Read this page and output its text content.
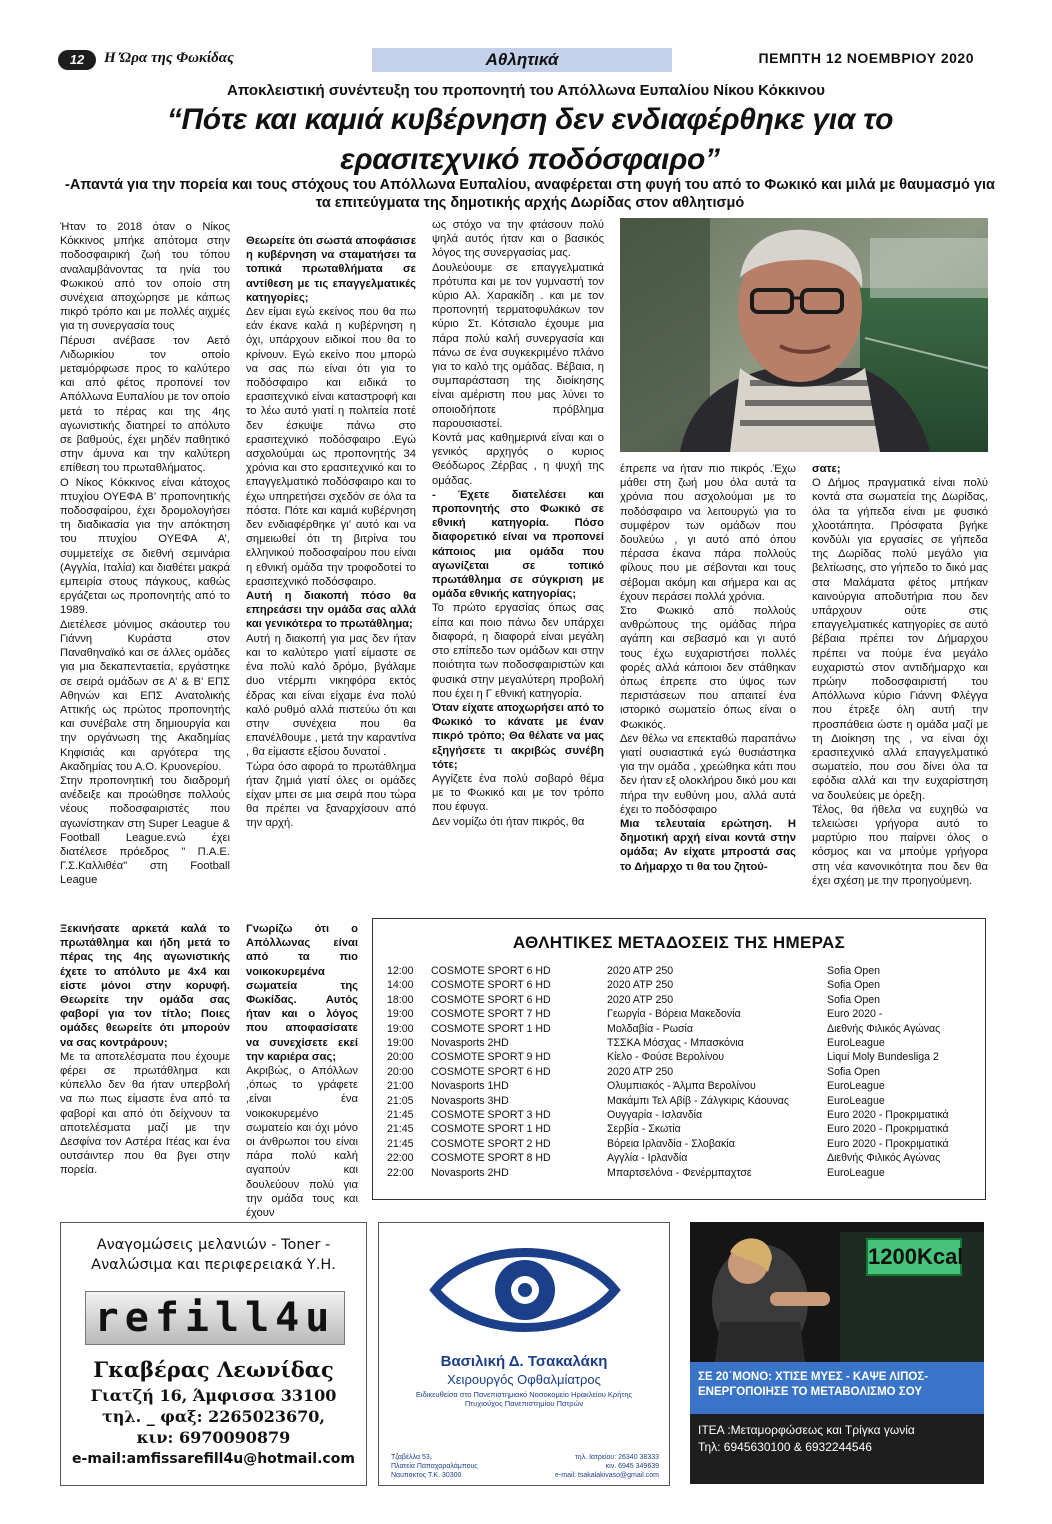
12	Η Ώρα της Φωκίδας	Αθλητικά	ΠΕΜΠΤΗ 12 ΝΟΕΜΒΡΙΟΥ 2020
Αποκλειστική συνέντευξη του προπονητή του Απόλλωνα Ευπαλίου Νίκου Κόκκινου
“Πότε και καμιά κυβέρνηση δεν ενδιαφέρθηκε για το
ερασιτεχνικό ποδόσφαιρο”
-Απαντά για την πορεία και τους στόχους του Απόλλωνα Ευπαλίου, αναφέρεται στη φυγή του από το Φωκικό και μιλά με θαυμασμό για τα επιτεύγματα της δημοτικής αρχής Δωρίδας στον αθλητισμό

Ήταν το 2018 όταν ο Νίκος Κόκκινος μπήκε απότομα στην ποδοσφαιρική ζωή του τόπου αναλαμβάνοντας τα ηνία του Φωκικού από τον οποίο στη συνέχεια αποχώρησε με κάπως πικρό τρόπο και με πολλές αιχμές για τη συνεργασία τους

Πέρυσι ανέβασε τον Αετό Λιδωρικίου τον οποίο μεταμόρφωσε προς το καλύτερο και από φέτος προπονεί τον Απόλλωνα Ευπαλίου με τον οποίο μετά το πέρας και της 4ης αγωνιστικής διατηρεί το απόλυτο σε βαθμούς, έχει μηδέν παθητικό στην άμυνα και την καλύτερη επίθεση του πρωταθλήματος.

Ο Νίκος Κόκκινος είναι κάτοχος πτυχίου ΟΥΕΦΑ Β’ προπονητικής ποδοσφαίρου, έχει δρομολογήσει τη διαδικασία για την απόκτηση του πτυχίου ΟΥΕΦΑ Α’, συμμετείχε σε διεθνή σεμινάρια (Αγγλία, Ιταλία) και διαθέτει μακρά εμπειρία στους πάγκους, καθώς εργάζεται ως προπονητής από το 1989.

Διετέλεσε μόνιμος σκάουτερ του Γιάννη Κυράστα στον Παναθηναϊκό και σε άλλες ομάδες για μια δεκαπενταετία, εργάστηκε σε σειρά ομάδων σε Α’ & Β’ ΕΠΣ Αθηνών και ΕΠΣ Ανατολικής Αττικής ως πρώτος προπονητής και συνέβαλε στη δημιουργία και την οργάνωση της Ακαδημίας Κηφισιάς και αργότερα της Ακαδημίας του Α.Ο. Κρυονερίου.

Στην προπονητική του διαδρομή ανέδειξε και προώθησε πολλούς νέους ποδοσφαιριστές που αγωνίστηκαν στη Super League & Football League.ενώ έχει διατέλεσε πρόεδρος " Π.Α.Ε. Γ.Σ.Καλλιθέα" στη Football League

Ξεκινήσατε αρκετά καλά το πρωτάθλημα και ήδη μετά το πέρας της 4ης αγωνιστικής έχετε το απόλυτο με 4x4 και είστε μόνοι στην κορυφή. Θεωρείτε την ομάδα σας φαβορί για τον τίτλο; Ποιες ομάδες θεωρείτε ότι μπορούν να σας κοντράρουν;

Με τα αποτελέσματα που έχουμε φέρει σε πρωτάθλημα και κύπελλο δεν θα ήταν υπερβολή να πω πως είμαστε ένα από τα φαβορί και από ότι δείχνουν τα αποτελέσματα μαζί με την Δεσφίνα τον Αστέρα Ιτέας και ένα ουτσάιντερ που θα βγει στην πορεία.

Θεωρείτε ότι σωστά αποφάσισε η κυβέρνηση να σταματήσει τα τοπικά πρωταθλήματα σε αντίθεση με τις επαγγελματικές κατηγορίες;

Δεν είμαι εγώ εκείνος που θα πω εάν έκανε καλά η κυβέρνηση η όχι, υπάρχουν ειδικοί που θα το κρίνουν. Εγώ εκείνο που μπορώ να σας πω είναι ότι για το ποδόσφαιρο και ειδικά το ερασιτεχνικό είναι καταστροφή και το λέω αυτό γιατί η πολιτεία ποτέ δεν έσκυψε πάνω στο ερασιτεχνικό ποδόσφαιρο .Εγώ ασχολούμαι ως προπονητής 34 χρόνια και στο ερασιτεχνικό και το επαγγελματικό ποδόσφαιρο και το έχω υπηρετήσει σχεδόν σε όλα τα πόστα. Πότε και καμιά κυβέρνηση δεν ενδιαφέρθηκε γι’ αυτό και να σημειωθεί ότι τη βιτρίνα του ελληνικού ποδοσφαίρου που είναι η εθνική ομάδα την τροφοδοτεί το ερασιτεχνικό ποδόσφαιρο.

Αυτή η διακοπή πόσο θα επηρεάσει την ομάδα σας αλλά και γενικότερα το πρωτάθλημα;

Αυτή η διακοπή για μας δεν ήταν και το καλύτερο γιατί είμαστε σε ένα πολύ καλό δρόμο, βγάλαμε dυο ντέρμπι νικηφόρα εκτός έδρας και είναι είχαμε ένα πολύ καλό ρυθμό αλλά πιστεύω ότι και στην συνέχεια που θα επανέλθουμε , μετά την καραντίνα , θα είμαστε εξίσου δυνατοί .

Τώρα όσο αφορά το πρωτάθλημα ήταν ζημιά γιατί όλες οι ομάδες είχαν μπει σε μια σειρά που τώρα θα πρέπει να ξαναρχίσουν από την αρχή.

Γνωρίζω ότι ο Απόλλωνας είναι από τα πιο νοικοκυρεμένα σωματεία της Φωκίδας. Αυτός ήταν και ο λόγος που αποφασίσατε να συνεχίσετε εκεί την καριέρα σας;

Ακριβώς, ο Απόλλων ,όπως το γράφετε ,είναι ένα νοικοκυρεμένο σωματείο και όχι μόνο οι άνθρωποι του είναι πάρα πολύ καλή αγαπούν και δουλεύουν πολύ για την ομάδα τους και έχουν

ως στόχο να την φτάσουν πολύ ψηλά αυτός ήταν και ο βασικός λόγος της συνεργασίας μας.

Δουλεύουμε σε επαγγελματικά πρότυπα και με τον γυμναστή τον κύριο Αλ. Χαρακίδη . και με τον προπονητή τερματοφυλάκων τον κύριο Στ. Κότσιαλο έχουμε μια πάρα πολύ καλή συνεργασία και πάνω σε ένα συγκεκριμένο πλάνο για το καλό της ομάδας. Βέβαια, η συμπαράσταση της διοίκησης είναι αμέριστη που μας λύνει το οποιοδήποτε πρόβλημα παρουσιαστεί.

Κοντά μας καθημερινά είναι και ο γενικός αρχηγός ο κυριος Θεόδωρος Ζέρβας , η ψυχή της ομάδας.

- Έχετε διατελέσει και προπονητής στο Φωκικό σε εθνική κατηγορία. Πόσο διαφορετικό είναι να προπονεί κάποιος μια ομάδα που αγωνίζεται σε τοπικό πρωτάθλημα σε σύγκριση με ομάδα εθνικής κατηγορίας;

Το πρώτο εργασίας όπως σας είπα και ποιο πάνω δεν υπάρχει διαφορά, η διαφορά είναι μεγάλη στο επίπεδο των ομάδων και στην ποιότητα των ποδοσφαιριστών και φυσικά στην μεγαλύτερη προβολή που έχει η Γ εθνική κατηγορία.

Όταν είχατε αποχωρήσει από το Φωκικό το κάνατε με έναν πικρό τρόπο; Θα θέλατε να μας εξηγήσετε τι ακριβώς συνέβη τότε;

Αγγίζετε ένα πολύ σοβαρό θέμα με το Φωκικό και με τον τρόπο που έφυγα.

Δεν νομίζω ότι ήταν πικρός, θα

έπρεπε να ήταν πιο πικρός .Έχω μάθει στη ζωή μου όλα αυτά τα χρόνια που ασχολούμαι με το ποδόσφαιρο να λειτουργώ για το συμφέρον των ομάδων που δουλεύω , γι αυτό από όπου πέρασα έκανα πάρα πολλούς φίλους που με σέβονται και τους σέβομαι ακόμη και σήμερα και ας έχουν περάσει πολλά χρόνια.

Στο Φωκικό από πολλούς ανθρώπους της ομάδας πήρα αγάπη και σεβασμό και γι αυτό τους έχω ευχαριστήσει πολλές φορές αλλά κάποιοι δεν στάθηκαν όπως έπρεπε στο ύψος των περιστάσεων που απαιτεί ένα ιστορικό σωματείο όπως είναι ο Φωκικός.

Δεν θέλω να επεκταθώ παραπάνω γιατί ουσιαστικά εγώ θυσιάστηκα για την ομάδα , χρεώθηκα κάτι που δεν ήταν εξ ολοκλήρου δικό μου και πήρα την ευθύνη μου, αλλά αυτά έχει το ποδόσφαιρο

Μια τελευταία ερώτηση. Η δημοτική αρχή είναι κοντά στην ομάδα; Αν είχατε μπροστά σας το Δήμαρχο τι θα του ζητού-

σατε;

Ο Δήμος πραγματικά είναι πολύ κοντά στα σωματεία της Δωρίδας, όλα τα γήπεδα είναι με φυσικό χλοοτάπητα. Πρόσφατα βγήκε κονδύλι για εργασίες σε γήπεδα της Δωρίδας πολύ μεγάλο για βελτίωσης, στο γήπεδο το δικό μας στα Μαλάματα φέτος μπήκαν καινούργια αποδυτήρια που δεν υπάρχουν ούτε στις επαγγελματικές κατηγορίες σε αυτό βέβαια πρέπει τον Δήμαρχου πρέπει να πούμε ένα μεγάλο ευχαριστώ στον αντιδήμαρχο και πρώην ποδοσφαιριστή του Απόλλωνα κύριο Γιάννη Φλέγγα που έτρεξε όλη αυτή την προσπάθεια ώστε η ομάδα μαζί με τη Διοίκηση της , να είναι όχι ερασιτεχνικό αλλά επαγγελματικό σωματείο, που σου δίνει όλα τα εφόδια αλλά και την ευχαρίστηση να δουλεύεις με όρεξη.

Τέλος, θα ήθελα να ευχηθώ να τελειώσει γρήγορα αυτό το μαρτύριο που παίρνει όλος ο κόσμος και να μπούμε γρήγορα στη νέα κανονικότητα που δεν θα έχει σχέση με την προηγούμενη.

ΑΘΛΗΤΙΚΕΣ ΜΕΤΑΔΟΣΕΙΣ ΤΗΣ ΗΜΕΡΑΣ
12:00 COSMOTE SPORT 6 HD	2020 ATP 250	Sofia Open
14:00 COSMOTE SPORT 6 HD	2020 ATP 250	Sofia Open
18:00 COSMOTE SPORT 6 HD	2020 ATP 250	Sofia Open
19:00 COSMOTE SPORT 7 HD	Γεωργία - Βόρεια Μακεδονία	Euro 2020 -
19:00 COSMOTE SPORT 1 HD	Μολδαβία - Ρωσία	Διεθνής Φιλικός Αγώνας
19:00 Novasports 2HD	ΤΣΣΚΑ Μόσχας - Μπασκόνια	EuroLeague
20:00 COSMOTE SPORT 9 HD	Κίελο - Φούσε Βερολίνου	Liqui Moly Bundesliga 2
20:00 COSMOTE SPORT 6 HD	2020 ATP 250	Sofia Open
21:00 Novasports 1HD	Ολυμπιακός - Άλμπα Βερολίνου	EuroLeague
21:05 Novasports 3HD	Μακάμπι Τελ Αβίβ - Ζάλγκιρις Κάουνας	EuroLeague
21:45 COSMOTE SPORT 3 HD	Ουγγαρία - Ισλανδία	Euro 2020 - Προκριματικά
21:45 COSMOTE SPORT 1 HD	Σερβία - Σκωτία	Euro 2020 - Προκριματικά
21:45 COSMOTE SPORT 2 HD	Βόρεια Ιρλανδία - Σλοβακία	Euro 2020 - Προκριματικά
22:00 COSMOTE SPORT 8 HD	Αγγλία - Ιρλανδία	Διεθνής Φιλικός Αγώνας
22:00 Novasports 2HD	Μπαρτσελόνα - Φενέρμπαχτσε	EuroLeague
Αναγομώσεις μελανιών - Toner -
Αναλώσιμα και περιφερειακά Υ.Η.
refill4u
Γκαβέρας Λεωνίδας
Γιατζή 16, Άμφισσα 33100
τηλ. _ φαξ: 2265023670,
κιν: 6970090879
e-mail:amfissarefill4u@hotmail.com
Βασιλική Δ. Τσακαλάκη
Χειρουργός Οφθαλμίατρος
Ειδικευθείσα στο Πανεπιστημιακό Νοσοκομείο Ηρακλείου Κρήτης
Πτυχιούχος Πανεπιστημίου Πατρών
Τζαβέλλα 53,
Πλατεία Παπαχαραλάμπους
Ναυπακτος Τ.Κ. 30300
τηλ. Ιατρείου: 26340 38333
κιν. 6945 349639
e-mail: tsakalakivaso@gmail.com
1200Kcal
ΣΕ 20΄ΜΟΝΟ: ΧΤΙΣΕ ΜΥΕΣ - ΚΑΨΕ ΛΙΠΟΣ- ΕΝΕΡΓΟΠΟΙΗΣΕ ΤΟ ΜΕΤΑΒΟΛΙΣΜΟ ΣΟΥ
ΙΤΕΑ :Μεταμορφώσεως και Τρίγκα γωνία
Τηλ: 6945630100 & 6932244546
